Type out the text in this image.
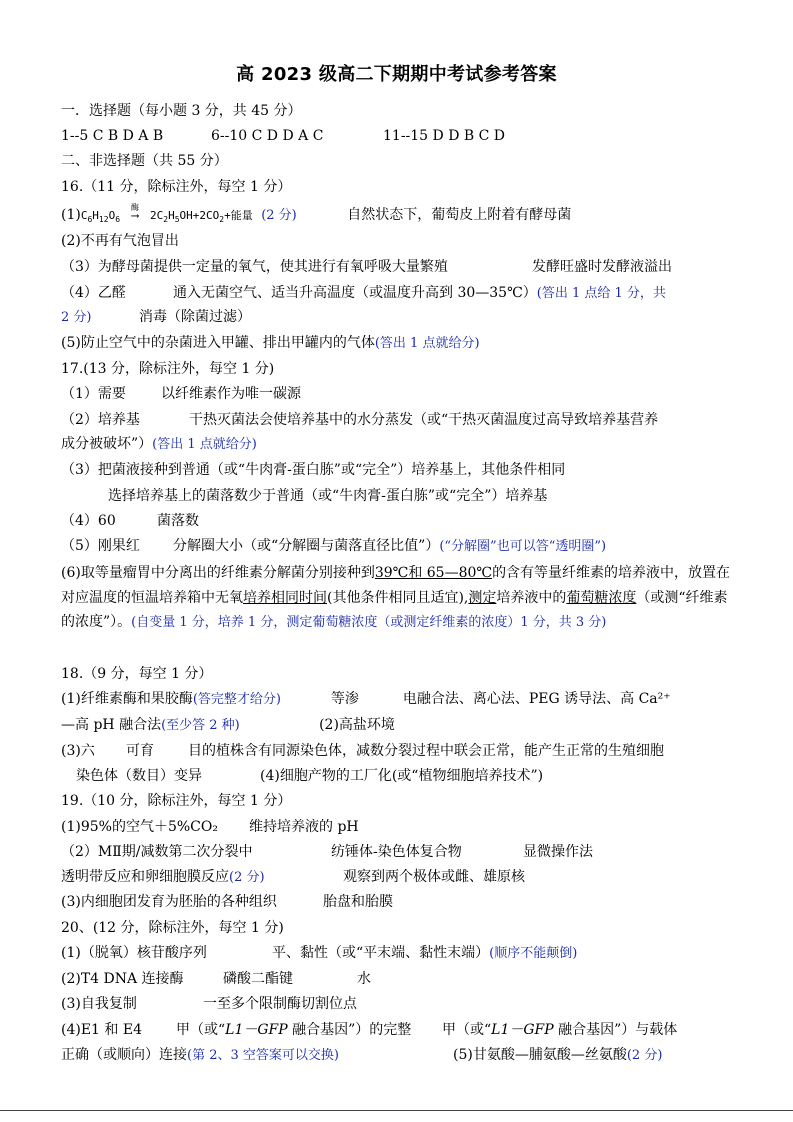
高 2023 级高二下期期中考试参考答案
一．选择题（每小题 3 分，共 45 分）
1--5 C B D A B	6--10 C D D A C	11--15 D D B C D
二、非选择题（共 55 分）
16.（11 分，除标注外，每空 1 分）
$(1)C_6H_{12}O_6$
酶
⟶ $2C_2H_5OH+2CO_2+$能量 (2 分)	自然状态下，葡萄皮上附着有酵母菌
(2)不再有气泡冒出
（3）为酵母菌提供一定量的氧气，使其进行有氧呼吸大量繁殖	发酵旺盛时发酵液溢出
（4）乙醛	通入无菌空气、适当升高温度（或温度升高到 30—35℃）(答出 1 点给 1 分，共
2 分)	消毒（除菌过滤）
(5)防止空气中的杂菌进入甲罐、排出甲罐内的气体(答出 1 点就给分)
17.(13 分，除标注外，每空 1 分)
（1）需要	以纤维素作为唯一碳源
（2）培养基	干热灭菌法会使培养基中的水分蒸发（或“干热灭菌温度过高导致培养基营养
成分被破坏”）(答出 1 点就给分)
（3）把菌液接种到普通（或“牛肉膏-蛋白胨”或“完全”）培养基上，其他条件相同
选择培养基上的菌落数少于普通（或“牛肉膏-蛋白胨”或“完全”）培养基
（4）60	菌落数
（5）刚果红 分解圈大小（或“分解圈与菌落直径比值”）(“分解圈”也可以答“透明圈”)
(6)取等量瘤胃中分离出的纤维素分解菌分别接种到39℃和 65—80℃的含有等量纤维素的培养液中，放置在对应温度的恒温培养箱中无氧培养相同时间(其他条件相同且适宜),测定培养液中的葡萄糖浓度（或测“纤维素的浓度”）。(自变量 1 分，培养 1 分，测定葡萄糖浓度（或测定纤维素的浓度）1 分，共 3 分)
18.（9 分，每空 1 分）
(1)纤维素酶和果胶酶(答完整才给分)	等渗	电融合法、离心法、PEG 诱导法、高 Ca²⁺
—高 pH 融合法(至少答 2 种)	(2)高盐环境
(3)六 可育 目的植株含有同源染色体，减数分裂过程中联会正常，能产生正常的生殖细胞
染色体（数目）变异	(4)细胞产物的工厂化(或“植物细胞培养技术”)
19.（10 分，除标注外，每空 1 分）
(1)95%的空气＋5%CO₂ 维持培养液的 pH
（2）MⅡ期/减数第二次分裂中	纺锤体-染色体复合物	显微操作法
透明带反应和卵细胞膜反应(2 分)	观察到两个极体或雌、雄原核
(3)内细胞团发育为胚胎的各种组织	胎盘和胎膜
20、(12 分，除标注外，每空 1 分)
(1)（脱氧）核苷酸序列	平、黏性（或“平末端、黏性末端）(顺序不能颠倒)
(2)T4 DNA 连接酶	磷酸二酯键	水
(3)自我复制	一至多个限制酶切割位点
(4)E1 和 E4 甲（或“L1－GFP 融合基因”）的完整 甲（或“L1－GFP 融合基因”）与载体
正确（或顺向）连接(第 2、3 空答案可以交换)	(5)甘氨酸—脯氨酸—丝氨酸(2 分)
